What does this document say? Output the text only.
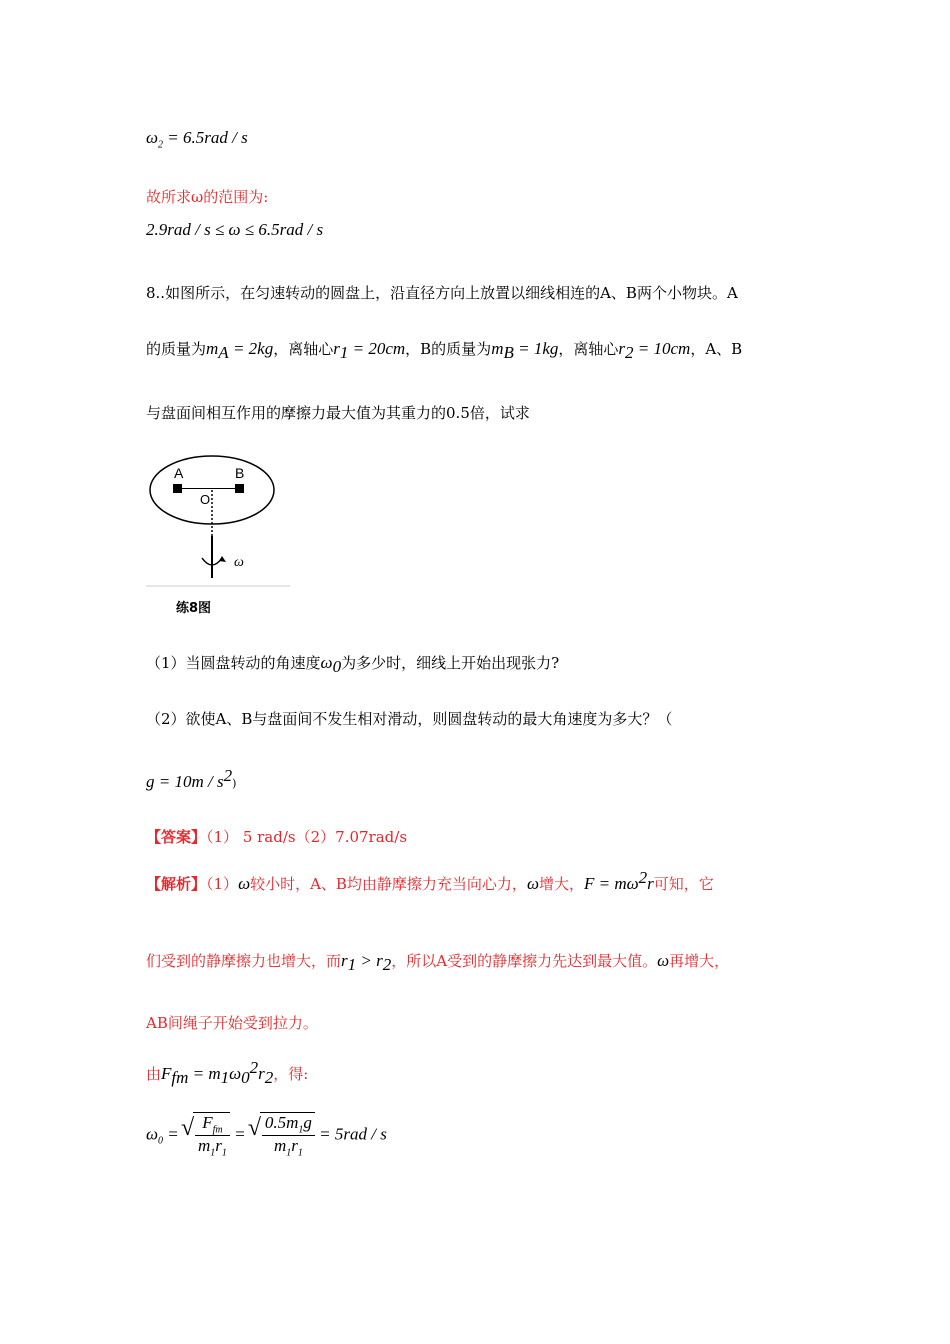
$\omega_2 = 6.5rad / s$
故所求ω的范围为:
2.9rad / s ≤ ω ≤ 6.5rad / s
8..如图所示，在匀速转动的圆盘上，沿直径方向上放置以细线相连的A、B两个小物块。A
的质量为$m_A = 2kg$，离轴心$r_1 = 20cm$，B的质量为$m_B = 1kg$，离轴心$r_2 = 10cm$，A、B
与盘面间相互作用的摩擦力最大值为其重力的0.5倍，试求
A	B
O
ω
练8图
（1）当圆盘转动的角速度$\omega_0$为多少时，细线上开始出现张力?
（2）欲使A、B与盘面间不发生相对滑动，则圆盘转动的最大角速度为多大？（
$g = 10m / s^2$)
【答案】（1） 5 rad/s（2）7.07rad/s
【解析】（1）ω较小时，A、B均由静摩擦力充当向心力，ω增大，$F = m\omega^2r$可知，它
们受到的静摩擦力也增大，而$r_1 > r_2$，所以A受到的静摩擦力先达到最大值。ω再增大，
AB间绳子开始受到拉力。
由$F_{fm} = m_1\omega_0^2r_2$，得:
$\omega_0$ = √ $\frac{F_{fm}}{m_1r_1}$ = √ $\frac{0.5m_1g}{m_1r_1} = 5rad / s$
